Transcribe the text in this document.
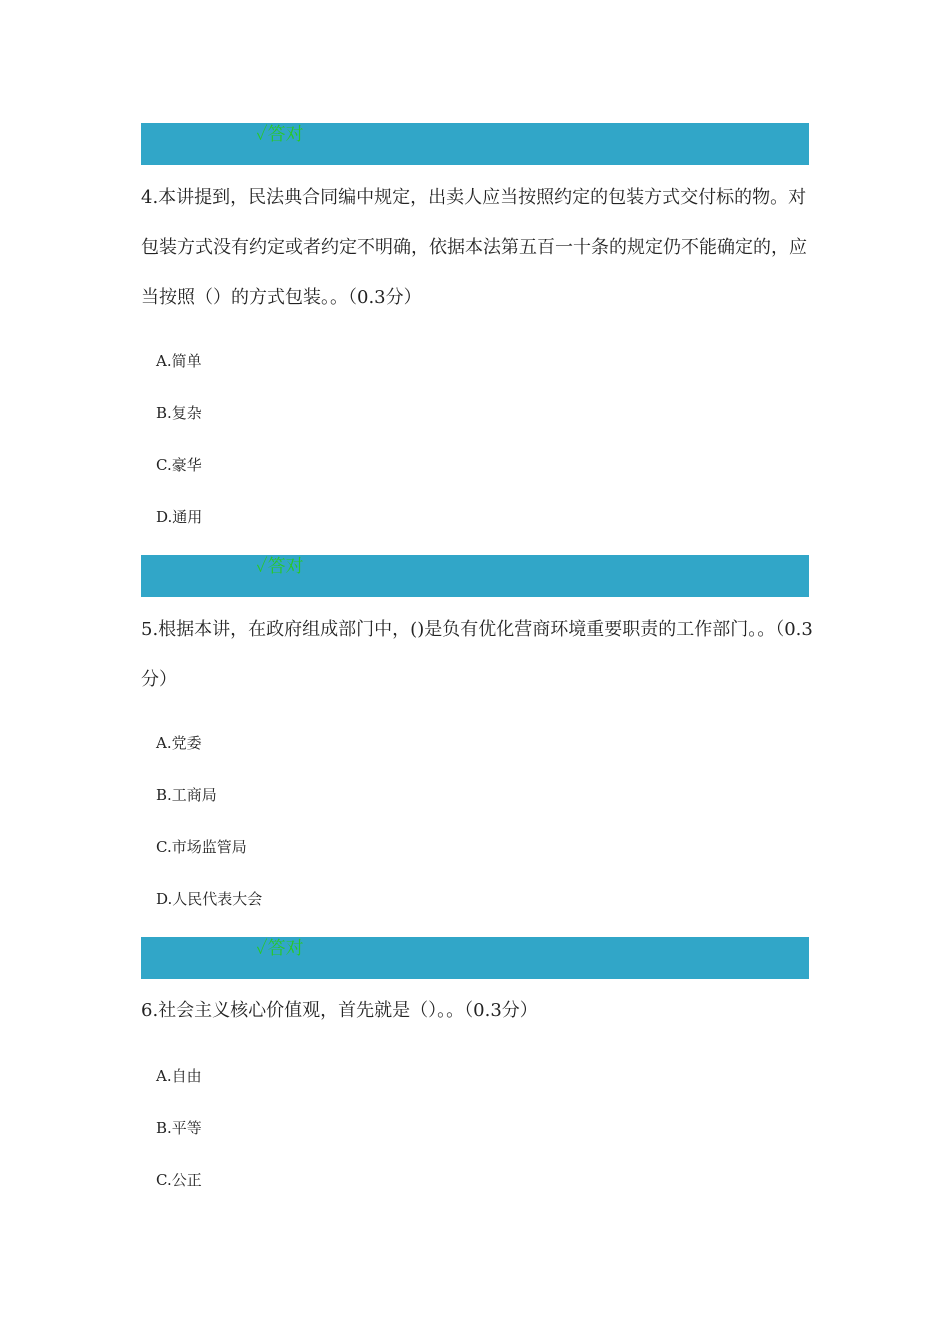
✓答对

4.本讲提到，民法典合同编中规定，出卖人应当按照约定的包装方式交付标的物。对包装方式没有约定或者约定不明确，依据本法第五百一十条的规定仍不能确定的，应当按照（）的方式包装。。（0.3分）

A.简单
B.复杂
C.豪华
D.通用
✓答对

5.根据本讲，在政府组成部门中，()是负有优化营商环境重要职责的工作部门。。（0.3分）

A.党委
B.工商局
C.市场监管局
D.人民代表大会
✓答对

6.社会主义核心价值观，首先就是（）。。（0.3分）

A.自由
B.平等
C.公正
